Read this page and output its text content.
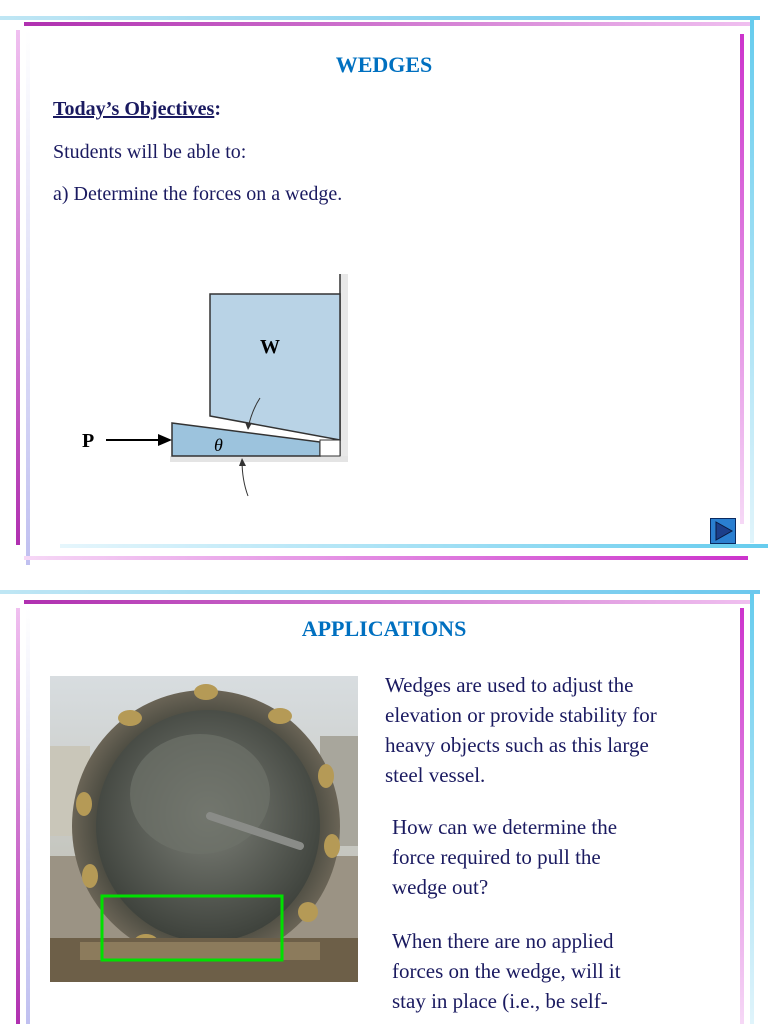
WEDGES
Today’s Objectives:
Students will be able to:
a) Determine the forces on a wedge.
W
P	θ
APPLICATIONS
Wedges are used to adjust the
elevation or provide stability for
heavy objects such as this large
steel vessel.
How can we determine the
force required to pull the
wedge out?
When there are no applied
forces on the wedge, will it
stay in place (i.e., be self-
